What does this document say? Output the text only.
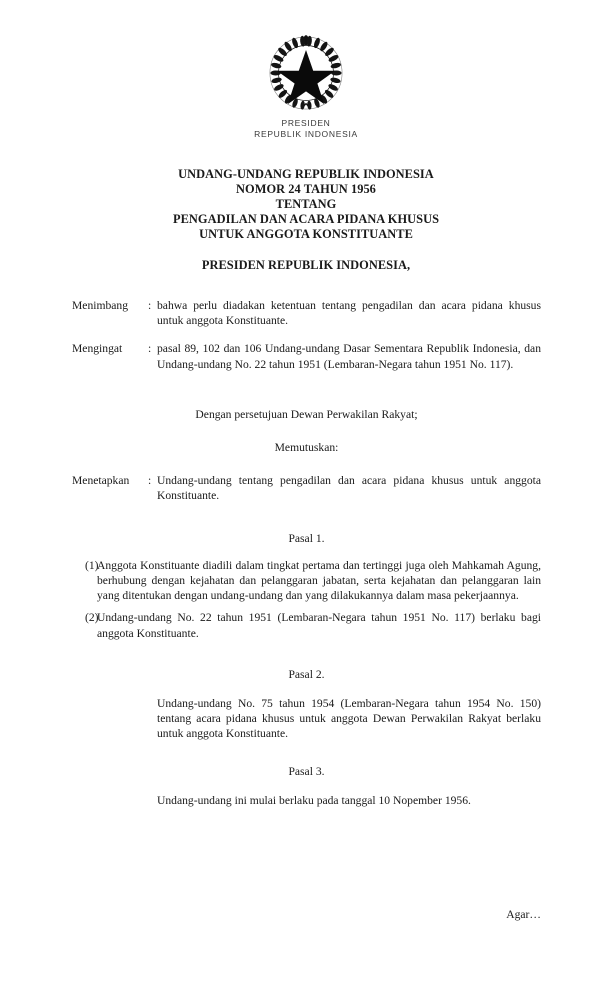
PRESIDEN
REPUBLIK INDONESIA
UNDANG-UNDANG REPUBLIK INDONESIA
NOMOR 24 TAHUN 1956
TENTANG
PENGADILAN DAN ACARA PIDANA KHUSUS
UNTUK ANGGOTA KONSTITUANTE
PRESIDEN REPUBLIK INDONESIA,
Menimbang	: bahwa perlu diadakan ketentuan tentang pengadilan dan acara pidana khusus untuk anggota Konstituante.
Mengingat	: pasal 89, 102 dan 106 Undang-undang Dasar Sementara Republik Indonesia, dan Undang-undang No. 22 tahun 1951 (Lembaran-Negara tahun 1951 No. 117).
Dengan persetujuan Dewan Perwakilan Rakyat;
Memutuskan:
Menetapkan	: Undang-undang tentang pengadilan dan acara pidana khusus untuk anggota Konstituante.
Pasal 1.
(1)
Anggota Konstituante diadili dalam tingkat pertama dan tertinggi juga oleh Mahkamah Agung, berhubung dengan kejahatan dan pelanggaran jabatan, serta kejahatan dan pelanggaran lain yang ditentukan dengan undang-undang dan yang dilakukannya dalam masa pekerjaannya.
(2)
Undang-undang No. 22 tahun 1951 (Lembaran-Negara tahun 1951 No. 117) berlaku bagi anggota Konstituante.
Pasal 2.
Undang-undang No. 75 tahun 1954 (Lembaran-Negara tahun 1954 No. 150) tentang acara pidana khusus untuk anggota Dewan Perwakilan Rakyat berlaku untuk anggota Konstituante.
Pasal 3.
Undang-undang ini mulai berlaku pada tanggal 10 Nopember 1956.
Agar…
